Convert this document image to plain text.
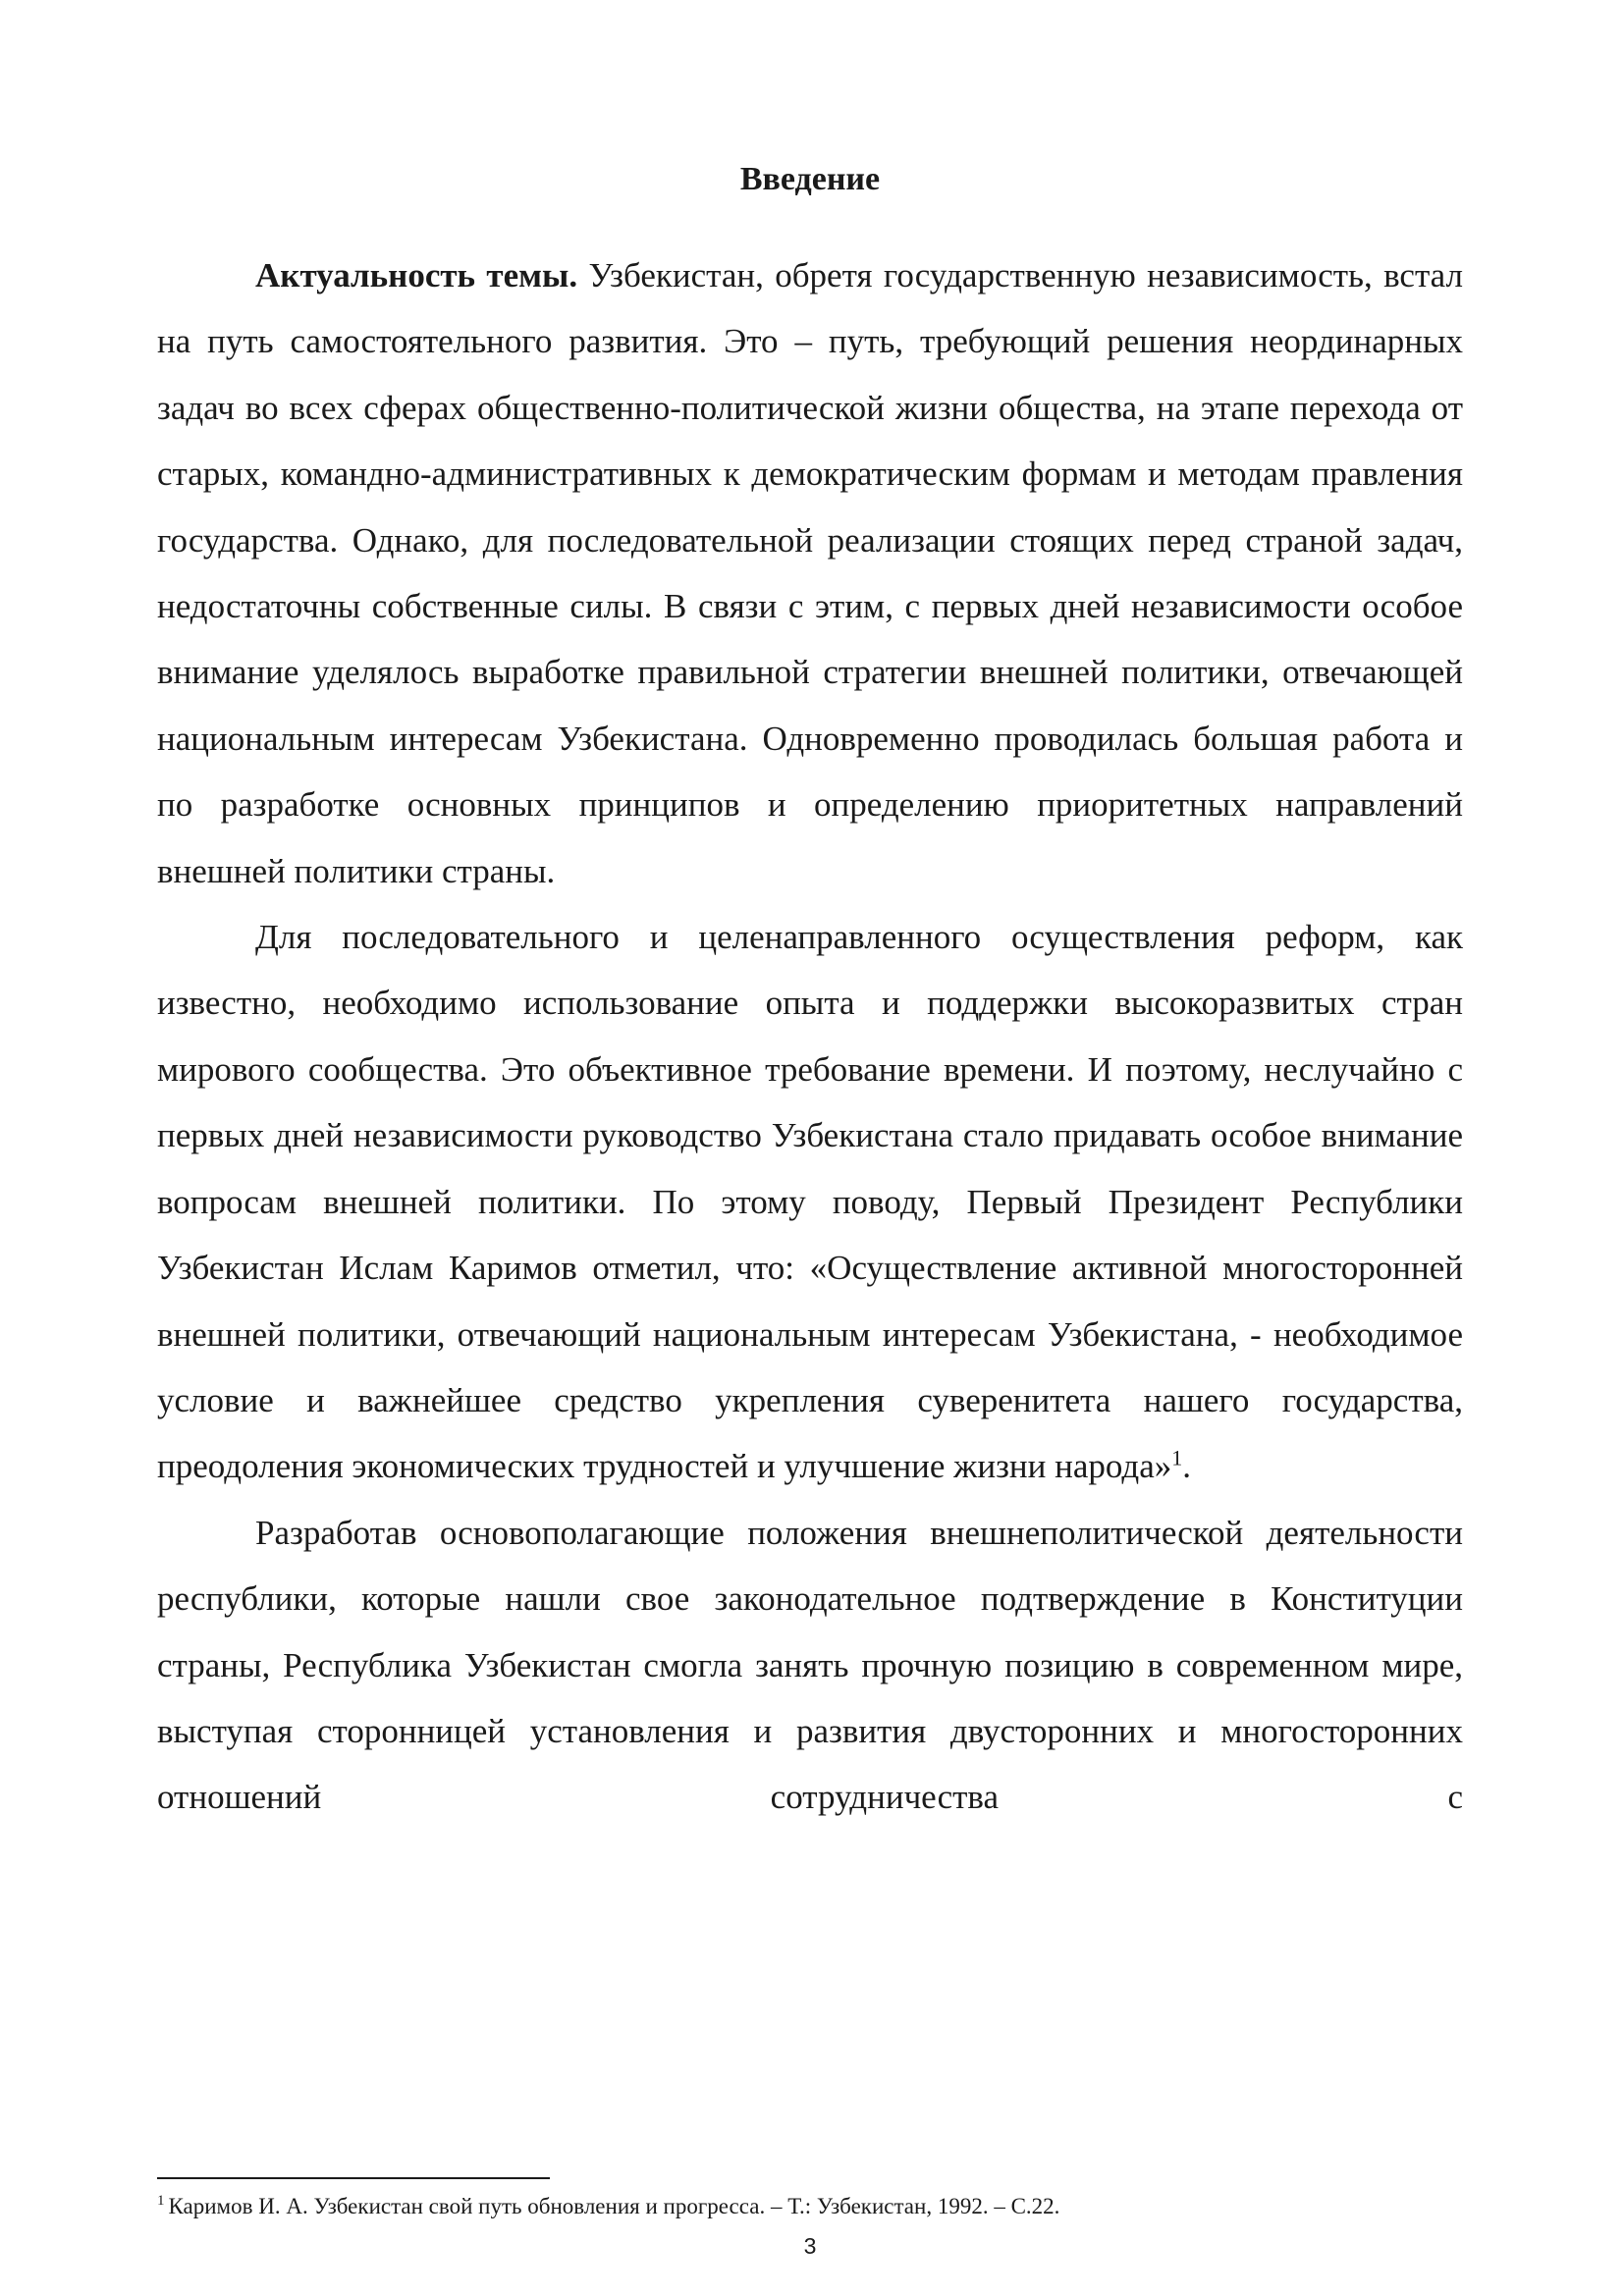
Введение

Актуальность темы. Узбекистан, обретя государственную независимость, встал на путь самостоятельного развития. Это – путь, требующий решения неординарных задач во всех сферах общественно-политической жизни общества, на этапе перехода от старых, командно-административных к демократическим формам и методам правления государства. Однако, для последовательной реализации стоящих перед страной задач, недостаточны собственные силы. В связи с этим, с первых дней независимости особое внимание уделялось выработке правильной стратегии внешней политики, отвечающей национальным интересам Узбекистана. Одновременно проводилась большая работа и по разработке основных принципов и определению приоритетных направлений внешней политики страны.

Для последовательного и целенаправленного осуществления реформ, как известно, необходимо использование опыта и поддержки высокоразвитых стран мирового сообщества. Это объективное требование времени. И поэтому, неслучайно с первых дней независимости руководство Узбекистана стало придавать особое внимание вопросам внешней политики. По этому поводу, Первый Президент Республики Узбекистан Ислам Каримов отметил, что: «Осуществление активной многосторонней внешней политики, отвечающий национальным интересам Узбекистана, - необходимое условие и важнейшее средство укрепления суверенитета нашего государства, преодоления экономических трудностей и улучшение жизни народа»$^1$.

Разработав основополагающие положения внешнеполитической деятельности республики, которые нашли свое законодательное подтверждение в Конституции страны, Республика Узбекистан смогла занять прочную позицию в современном мире, выступая сторонницей установления и развития двусторонних и многосторонних отношений сотрудничества с

$^1$ Каримов И. А. Узбекистан свой путь обновления и прогресса. – Т.: Узбекистан, 1992. – С.22.

3
